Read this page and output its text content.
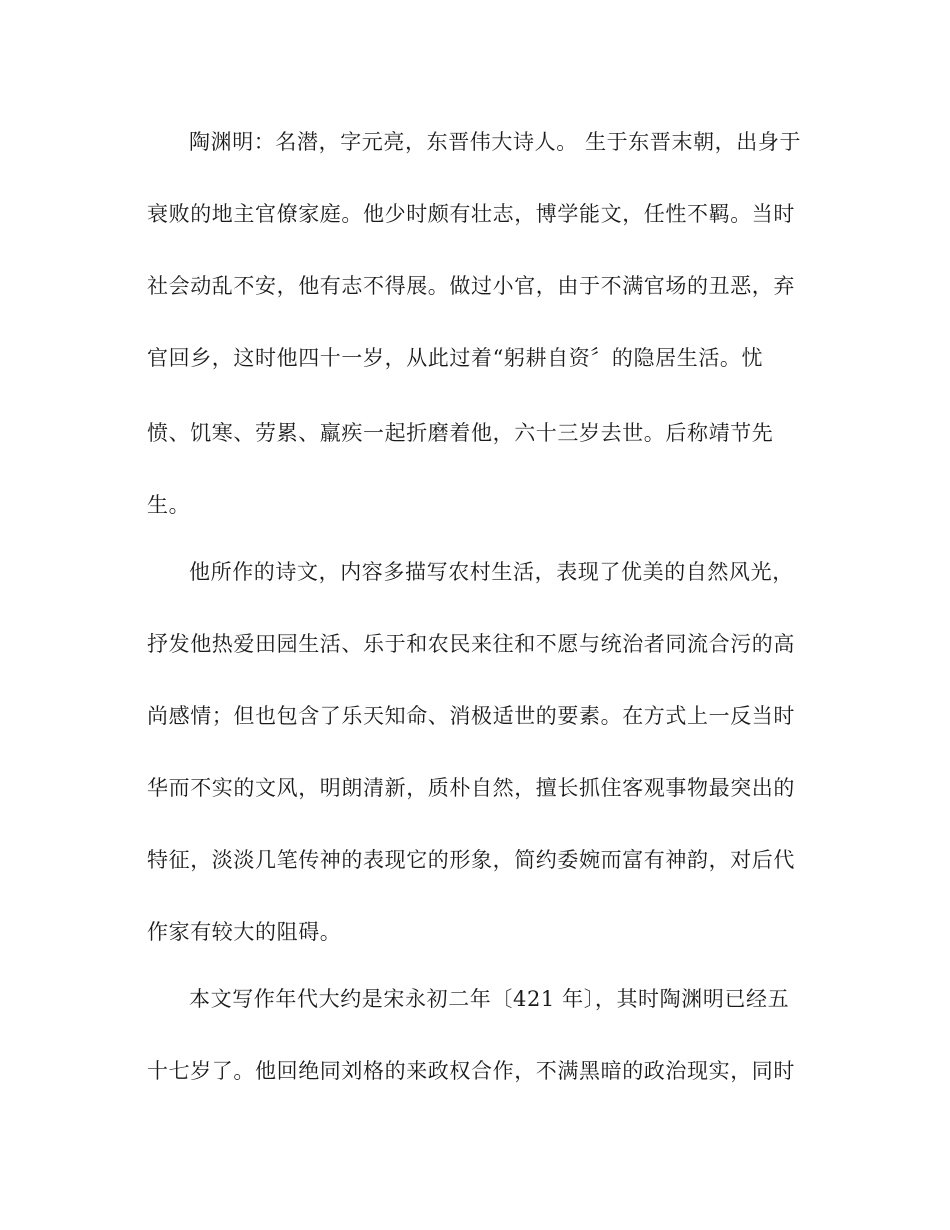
陶渊明：名潜，字元亮，东晋伟大诗人。 生于东晋末朝，出身于
衰败的地主官僚家庭。他少时颇有壮志，博学能文，任性不羁。当时
社会动乱不安，他有志不得展。做过小官，由于不满官场的丑恶，弃
官回乡，这时他四十一岁，从此过着“躬耕自资〞的隐居生活。忧
愤、饥寒、劳累、羸疾一起折磨着他，六十三岁去世。后称靖节先
生。
他所作的诗文，内容多描写农村生活，表现了优美的自然风光，
抒发他热爱田园生活、乐于和农民来往和不愿与统治者同流合污的高
尚感情；但也包含了乐天知命、消极适世的要素。在方式上一反当时
华而不实的文风，明朗清新，质朴自然，擅长抓住客观事物最突出的
特征，淡淡几笔传神的表现它的形象，简约委婉而富有神韵，对后代
作家有较大的阻碍。
本文写作年代大约是宋永初二年〔421 年〕，其时陶渊明已经五
十七岁了。他回绝同刘格的来政权合作，不满黑暗的政治现实，同时
